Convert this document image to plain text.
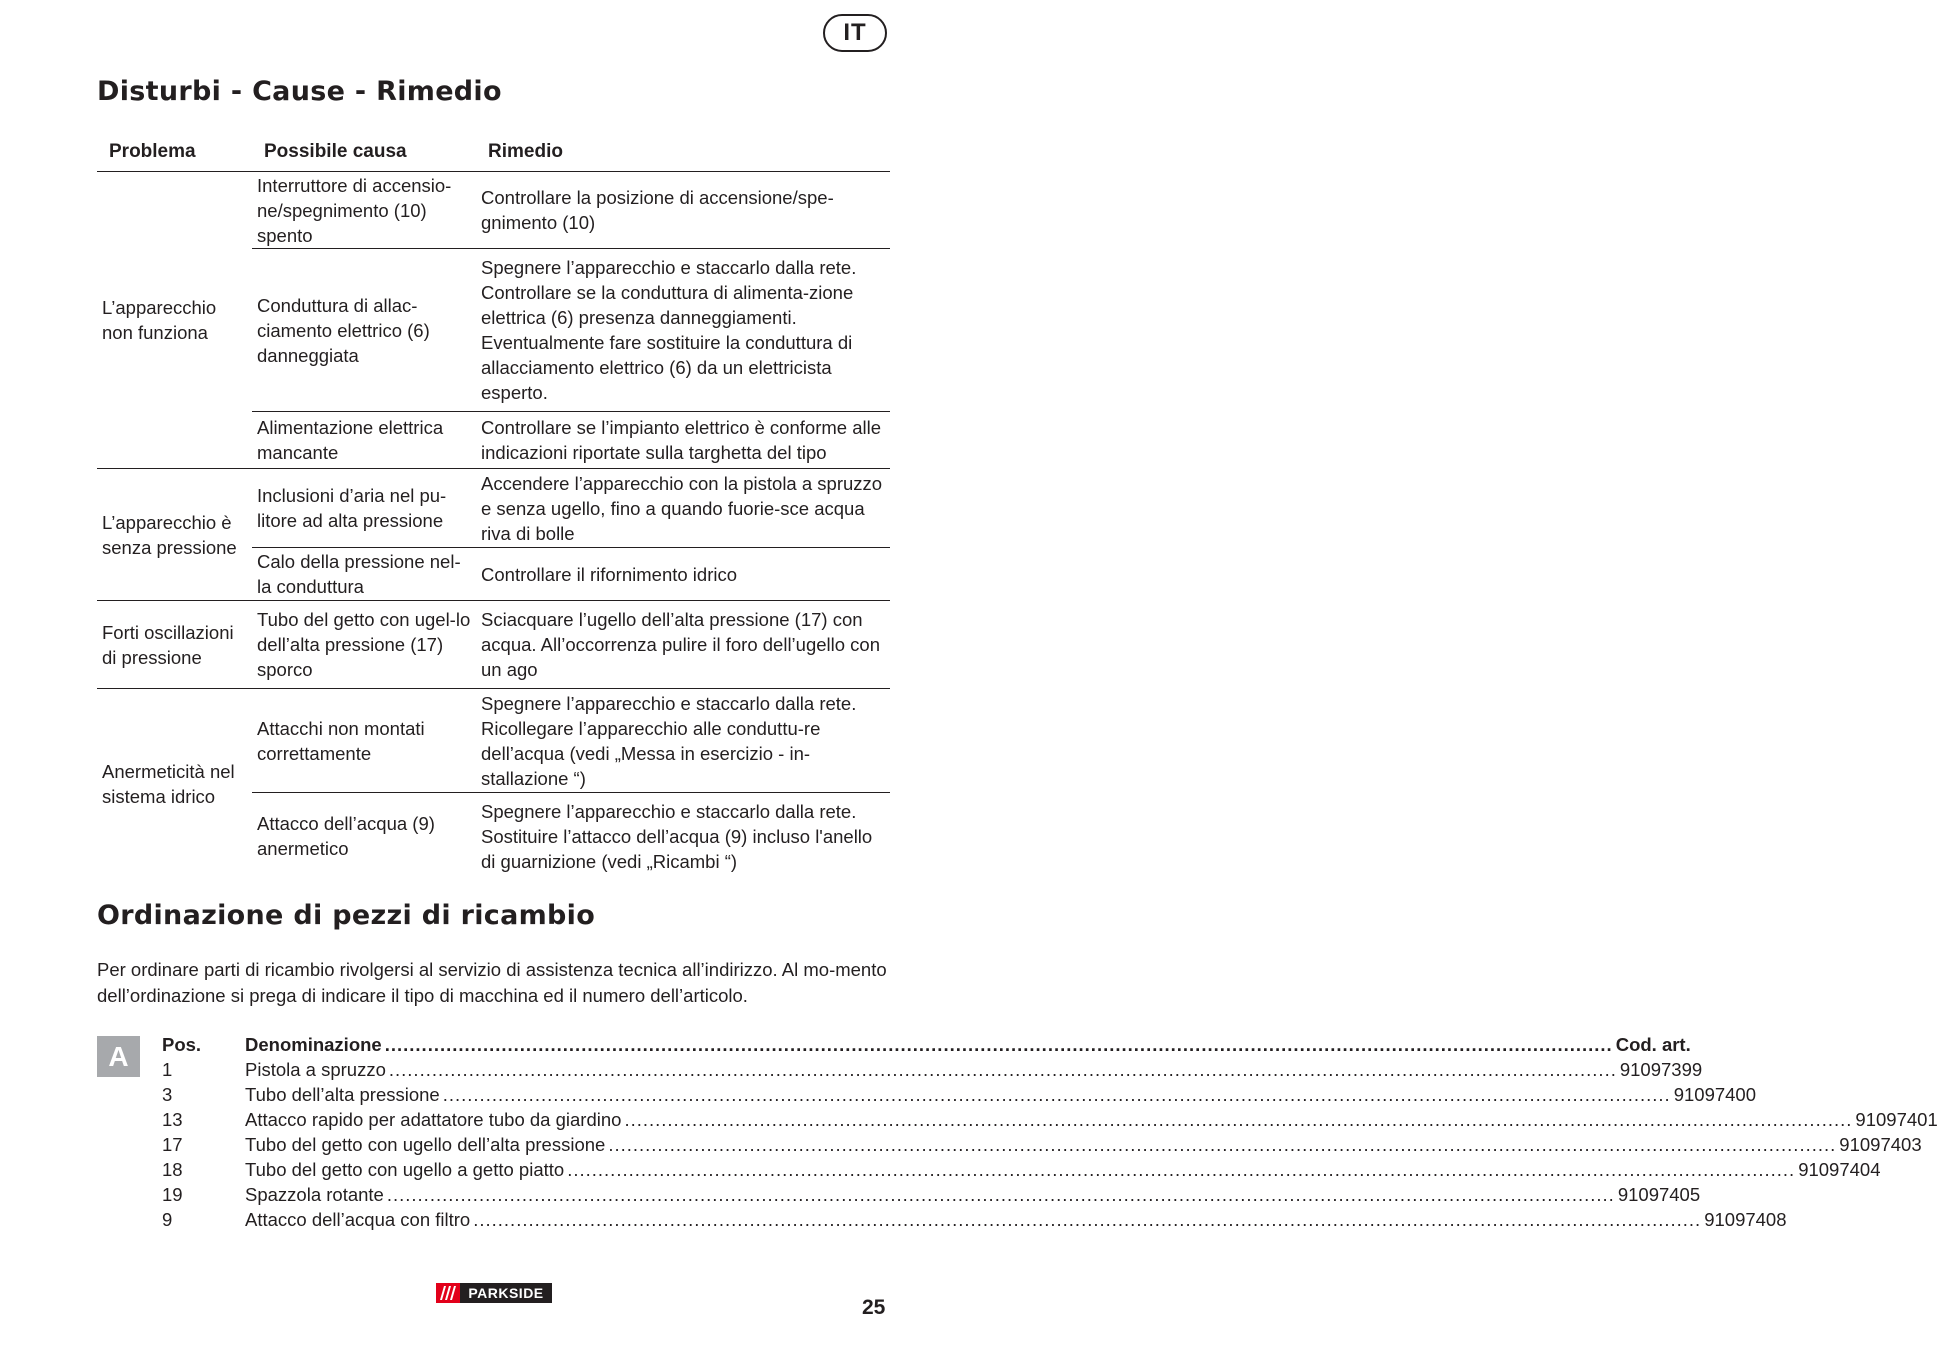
IT
Disturbi - Cause - Rimedio
Problema	Possibile causa	Rimedio
L’apparecchio non funziona	Interruttore di accensio-ne/spegnimento (10) spento	Controllare la posizione di accensione/spe-gnimento (10)
	Conduttura di allac-ciamento elettrico (6) danneggiata	Spegnere l’apparecchio e staccarlo dalla rete. Controllare se la conduttura di alimenta-zione elettrica (6) presenza danneggiamenti. Eventualmente fare sostituire la conduttura di allacciamento elettrico (6) da un elettricista esperto.
	Alimentazione elettrica mancante	Controllare se l’impianto elettrico è conforme alle indicazioni riportate sulla targhetta del tipo
L’apparecchio è senza pressione	Inclusioni d’aria nel pu-litore ad alta pressione	Accendere l’apparecchio con la pistola a spruzzo e senza ugello, fino a quando fuorie-sce acqua riva di bolle
	Calo della pressione nel-la conduttura	Controllare il rifornimento idrico
Forti oscillazioni di pressione	Tubo del getto con ugel-lo dell’alta pressione (17) sporco	Sciacquare l’ugello dell’alta pressione (17) con acqua. All’occorrenza pulire il foro dell’ugello con un ago
Anermeticità nel sistema idrico	Attacchi non montati correttamente	Spegnere l’apparecchio e staccarlo dalla rete. Ricollegare l’apparecchio alle conduttu-re dell’acqua (vedi „Messa in esercizio - in-stallazione “)
	Attacco dell’acqua (9) anermetico	Spegnere l’apparecchio e staccarlo dalla rete. Sostituire l’attacco dell’acqua (9) incluso l'anello di guarnizione (vedi „Ricambi “)
Ordinazione di pezzi di ricambio

Per ordinare parti di ricambio rivolgersi al servizio di assistenza tecnica all’indirizzo. Al mo-mento dell’ordinazione si prega di indicare il tipo di macchina ed il numero dell’articolo.

A	Pos.	Denominazione ........................................................................................................................................................................................................ Cod. art.
1	Pistola a spruzzo ........................................................................................................................................................................................................ 91097399
3	Tubo dell’alta pressione ........................................................................................................................................................................................................ 91097400
13	Attacco rapido per adattatore tubo da giardino ........................................................................................................................................................................................................ 91097401
17	Tubo del getto con ugello dell’alta pressione ........................................................................................................................................................................................................ 91097403
18	Tubo del getto con ugello a getto piatto ........................................................................................................................................................................................................ 91097404
19	Spazzola rotante ........................................................................................................................................................................................................ 91097405
9	Attacco dell’acqua con filtro ........................................................................................................................................................................................................ 91097408
PARKSIDE
25
